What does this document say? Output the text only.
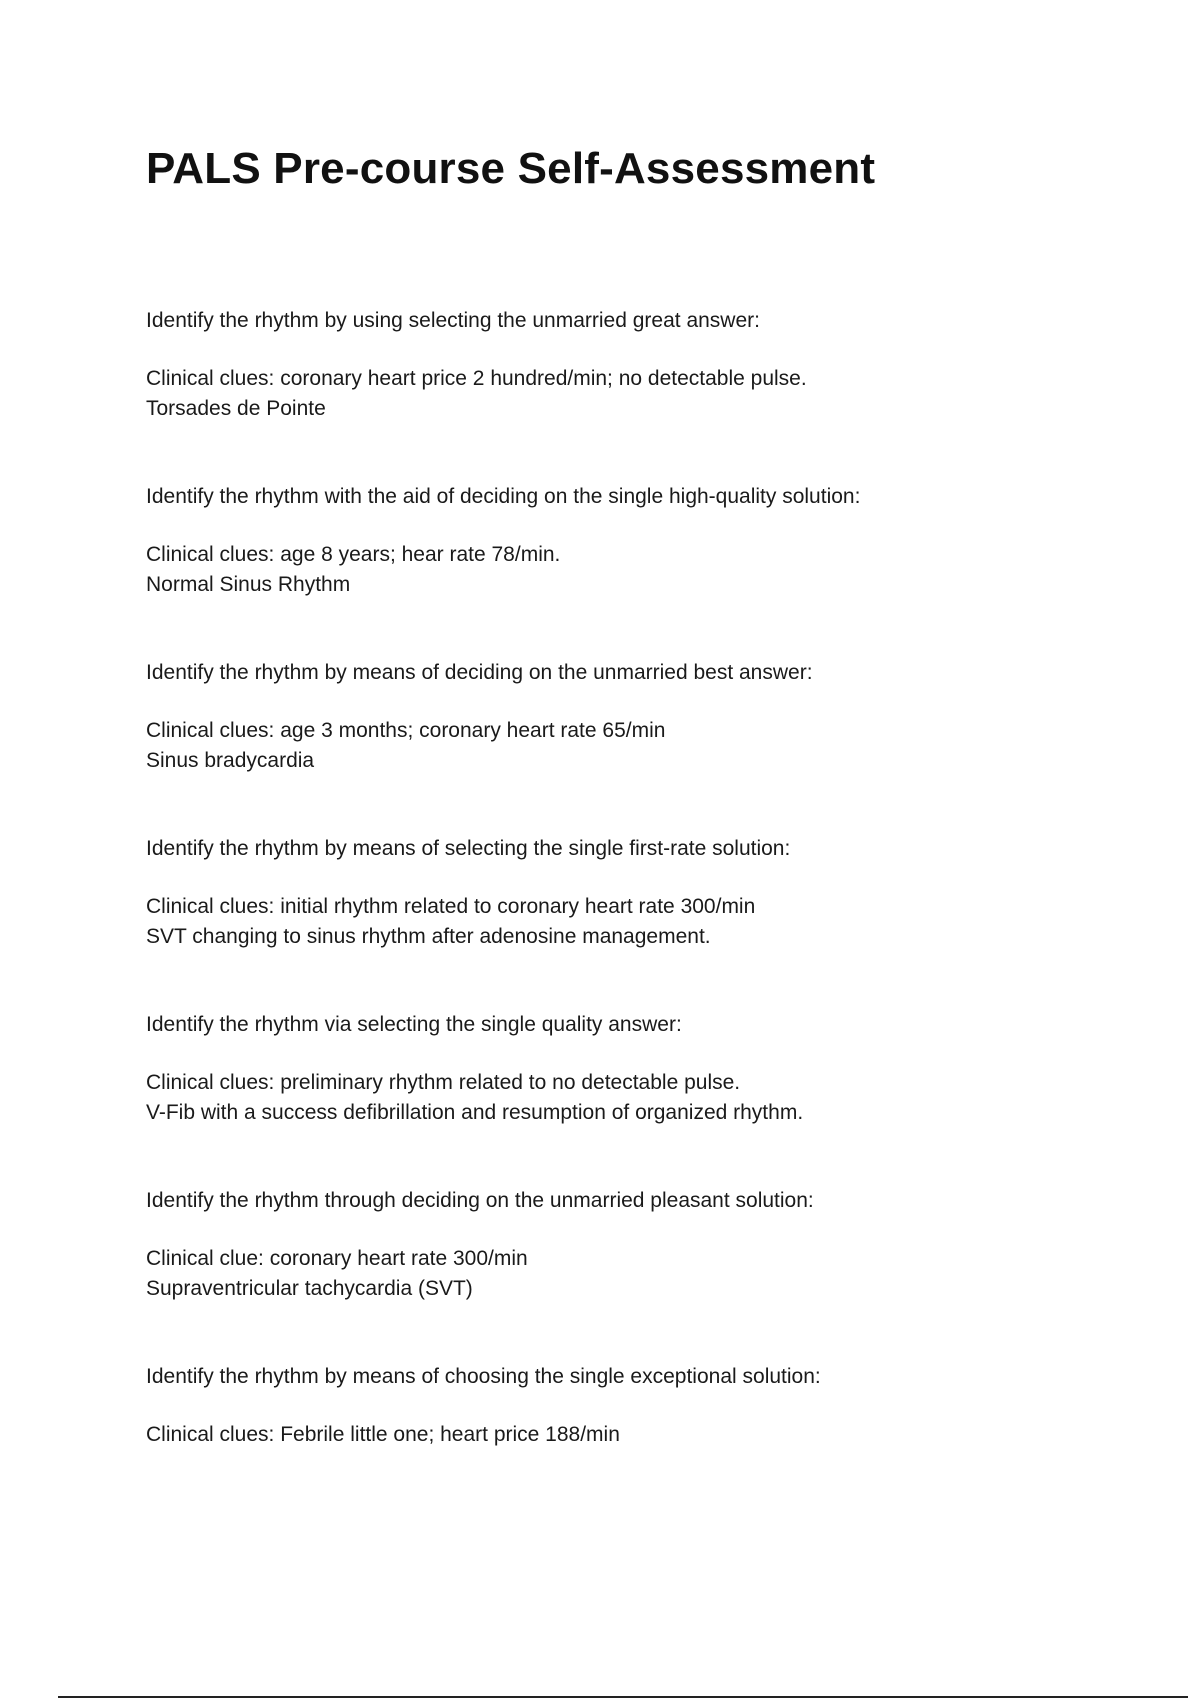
PALS Pre-course Self-Assessment

Identify the rhythm by using selecting the unmarried great answer:

Clinical clues: coronary heart price 2 hundred/min; no detectable pulse.

Torsades de Pointe

Identify the rhythm with the aid of deciding on the single high-quality solution:

Clinical clues: age 8 years; hear rate 78/min.

Normal Sinus Rhythm

Identify the rhythm by means of deciding on the unmarried best answer:

Clinical clues: age 3 months; coronary heart rate 65/min

Sinus bradycardia

Identify the rhythm by means of selecting the single first-rate solution:

Clinical clues: initial rhythm related to coronary heart rate 300/min

SVT changing to sinus rhythm after adenosine management.

Identify the rhythm via selecting the single quality answer:

Clinical clues: preliminary rhythm related to no detectable pulse.

V-Fib with a success defibrillation and resumption of organized rhythm.

Identify the rhythm through deciding on the unmarried pleasant solution:

Clinical clue: coronary heart rate 300/min

Supraventricular tachycardia (SVT)

Identify the rhythm by means of choosing the single exceptional solution:

Clinical clues: Febrile little one; heart price 188/min
